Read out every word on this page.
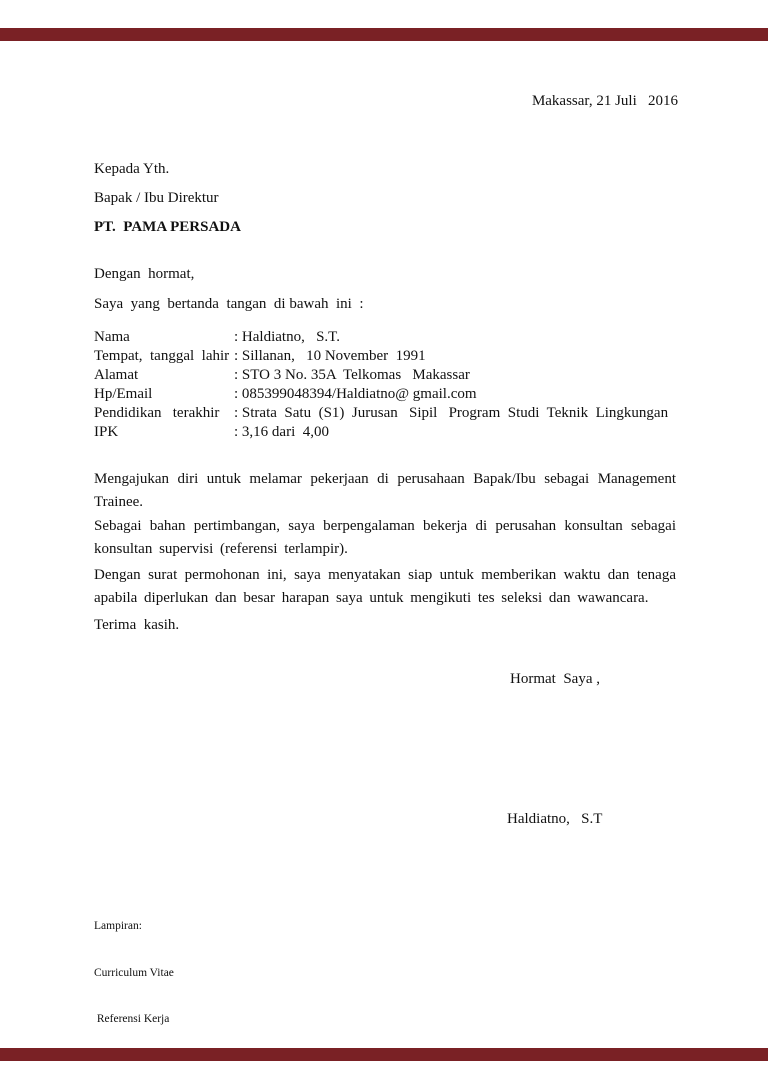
Makassar, 21 Juli   2016
Kepada Yth.
Bapak / Ibu Direktur
PT.  PAMA PERSADA
Dengan  hormat,
Saya  yang  bertanda  tangan  di bawah  ini  :
Nama	: Haldiatno,   S.T.
Tempat,  tanggal  lahir : Sillanan,   10 November  1991
Alamat	: STO 3 No. 35A  Telkomas   Makassar
Hp/Email	: 085399048394/Haldiatno@ gmail.com
Pendidikan   terakhir : Strata  Satu  (S1)  Jurusan   Sipil   Program  Studi  Teknik  Lingkungan
IPK	: 3,16 dari  4,00
Mengajukan diri untuk melamar pekerjaan di perusahaan Bapak/Ibu sebagai Management Trainee.
Sebagai bahan pertimbangan, saya berpengalaman bekerja di perusahan konsultan sebagai konsultan supervisi (referensi terlampir).
Dengan surat permohonan ini, saya menyatakan siap untuk memberikan waktu dan tenaga apabila diperlukan dan besar harapan saya untuk mengikuti tes seleksi dan wawancara.
Terima  kasih.
Hormat  Saya ,
Haldiatno,   S.T

Lampiran:

Curriculum Vitae

Referensi Kerja
